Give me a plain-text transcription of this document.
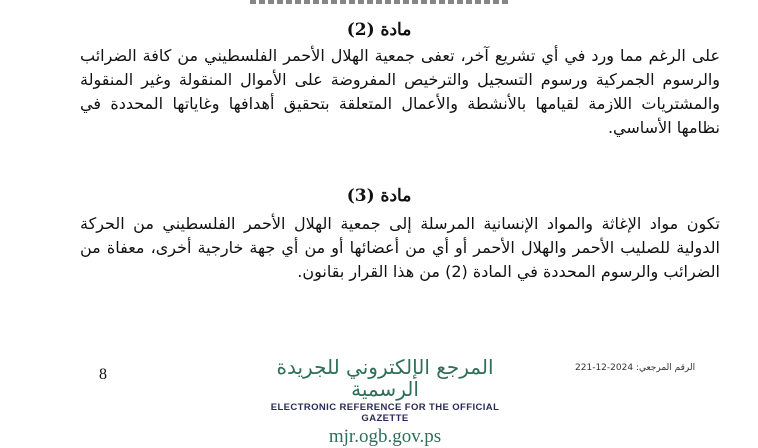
مادة (2)
على الرغم مما ورد في أي تشريع آخر، تعفى جمعية الهلال الأحمر الفلسطيني من كافة الضرائب والرسوم الجمركية ورسوم التسجيل والترخيص المفروضة على الأموال المنقولة وغير المنقولة والمشتريات اللازمة لقيامها بالأنشطة والأعمال المتعلقة بتحقيق أهدافها وغاياتها المحددة في نظامها الأساسي.
مادة (3)
تكون مواد الإغاثة والمواد الإنسانية المرسلة إلى جمعية الهلال الأحمر الفلسطيني من الحركة الدولية للصليب الأحمر والهلال الأحمر أو أي من أعضائها أو من أي جهة خارجية أخرى، معفاة من الضرائب والرسوم المحددة في المادة (2) من هذا القرار بقانون.
8	المرجع الإلكتروني للجريدة الرسمية
ELECTRONIC REFERENCE FOR THE OFFICIAL GAZETTE
mjr.ogb.gov.ps
الرقم المرجعي: 2024-12-221
